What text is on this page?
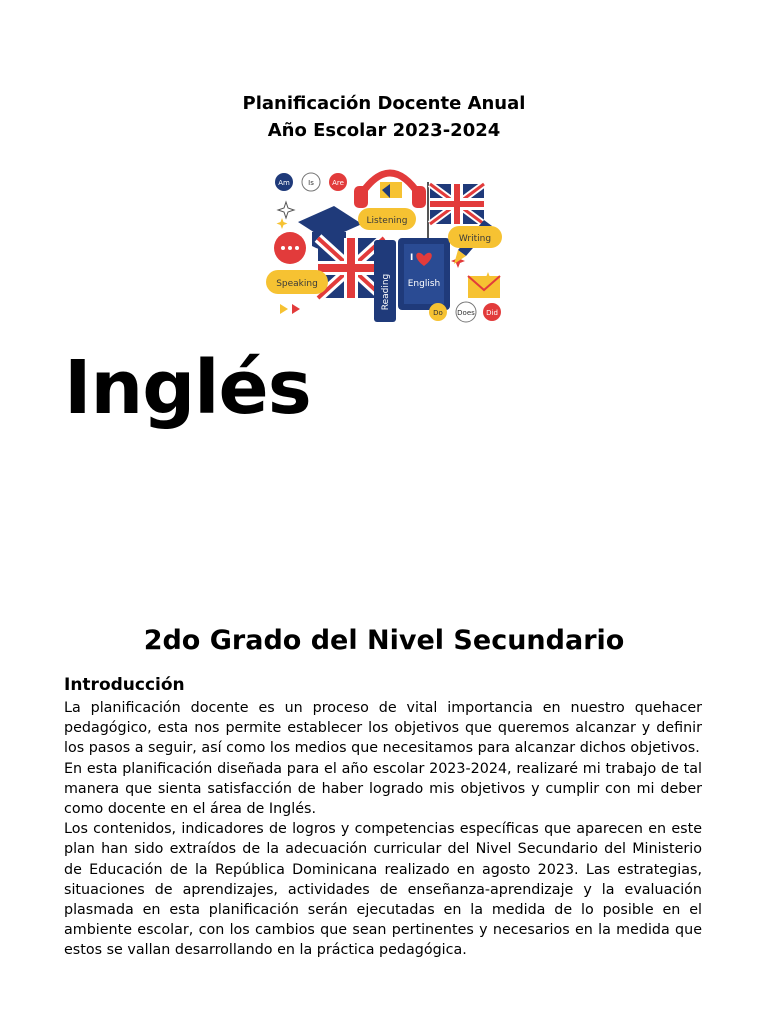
Planificación Docente Anual
Año Escolar 2023-2024
Am	Is	Are
Reading
I
English
Listening
Writing
Speaking
Do Does Did
Inglés
2do Grado del Nivel Secundario
Introducción

La planificación docente es un proceso de vital importancia en nuestro quehacer pedagógico, esta nos permite establecer los objetivos que queremos alcanzar y definir los pasos a seguir, así como los medios que necesitamos para alcanzar dichos objetivos.

En esta planificación diseñada para el año escolar 2023-2024, realizaré mi trabajo de tal manera que sienta satisfacción de haber logrado mis objetivos y cumplir con mi deber como docente en el área de Inglés.

Los contenidos, indicadores de logros y competencias específicas que aparecen en este plan han sido extraídos de la adecuación curricular del Nivel Secundario del Ministerio de Educación de la República Dominicana realizado en agosto 2023. Las estrategias, situaciones de aprendizajes, actividades de enseñanza-aprendizaje y la evaluación plasmada en esta planificación serán ejecutadas en la medida de lo posible en el ambiente escolar, con los cambios que sean pertinentes y necesarios en la medida que estos se vallan desarrollando en la práctica pedagógica.
